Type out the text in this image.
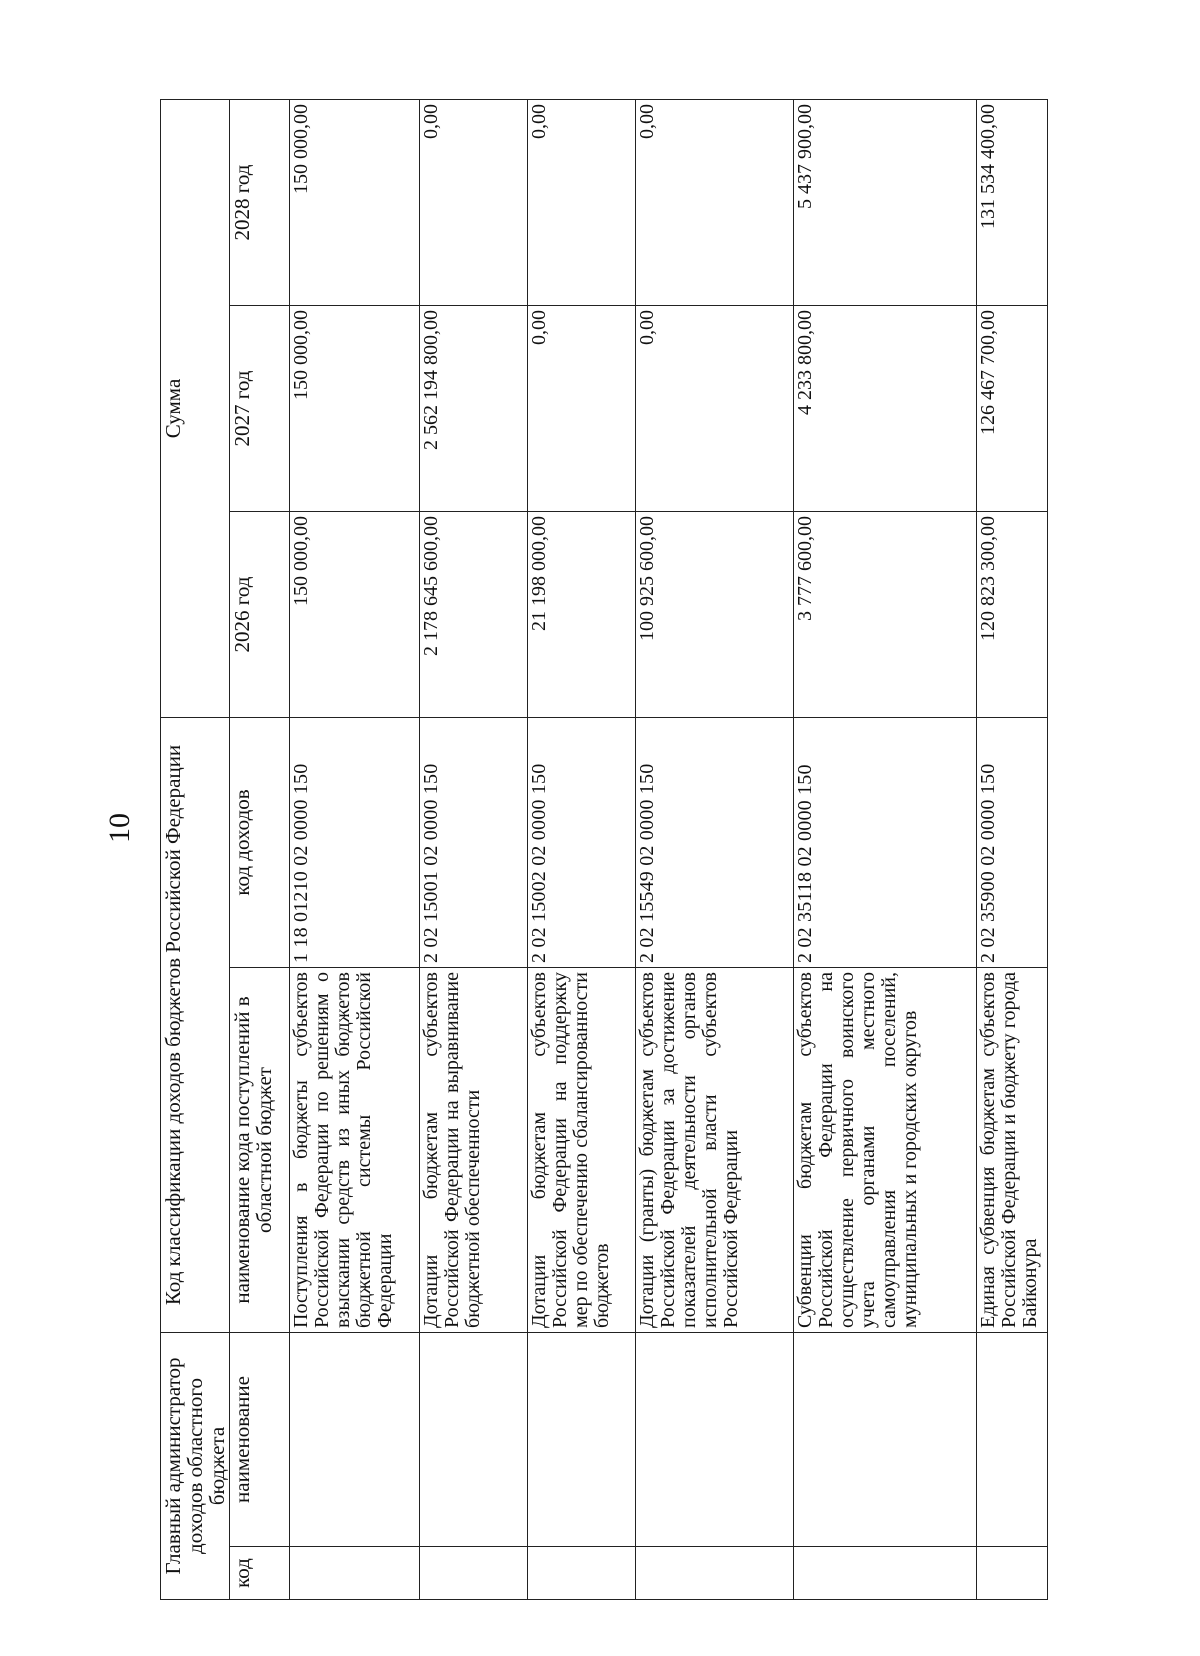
10
Главный администратор доходов областного бюджета		Код классификации доходов бюджетов Российской Федерации		Сумма		
код	наименование	наименование кода поступлений в областной бюджет	код доходов	2026 год	2027 год	2028 год
		Поступления в бюджеты субъектов Российской Федерации по решениям о взыскании средств из иных бюджетов бюджетной системы Российской Федерации	1 18 01210 02 0000 150	150 000,00	150 000,00	150 000,00
		Дотации бюджетам субъектов Российской Федерации на выравнивание бюджетной обеспеченности	2 02 15001 02 0000 150	2 178 645 600,00	2 562 194 800,00	0,00
		Дотации бюджетам субъектов Российской Федерации на поддержку мер по обеспечению сбалансированности бюджетов	2 02 15002 02 0000 150	21 198 000,00	0,00	0,00
		Дотации (гранты) бюджетам субъектов Российской Федерации за достижение показателей деятельности органов исполнительной власти субъектов Российской Федерации	2 02 15549 02 0000 150	100 925 600,00	0,00	0,00
		Субвенции бюджетам субъектов Российской Федерации на осуществление первичного воинского учета органами местного самоуправления поселений, муниципальных и городских округов	2 02 35118 02 0000 150	3 777 600,00	4 233 800,00	5 437 900,00
		Единая субвенция бюджетам субъектов Российской Федерации и бюджету города Байконура	2 02 35900 02 0000 150	120 823 300,00	126 467 700,00	131 534 400,00
